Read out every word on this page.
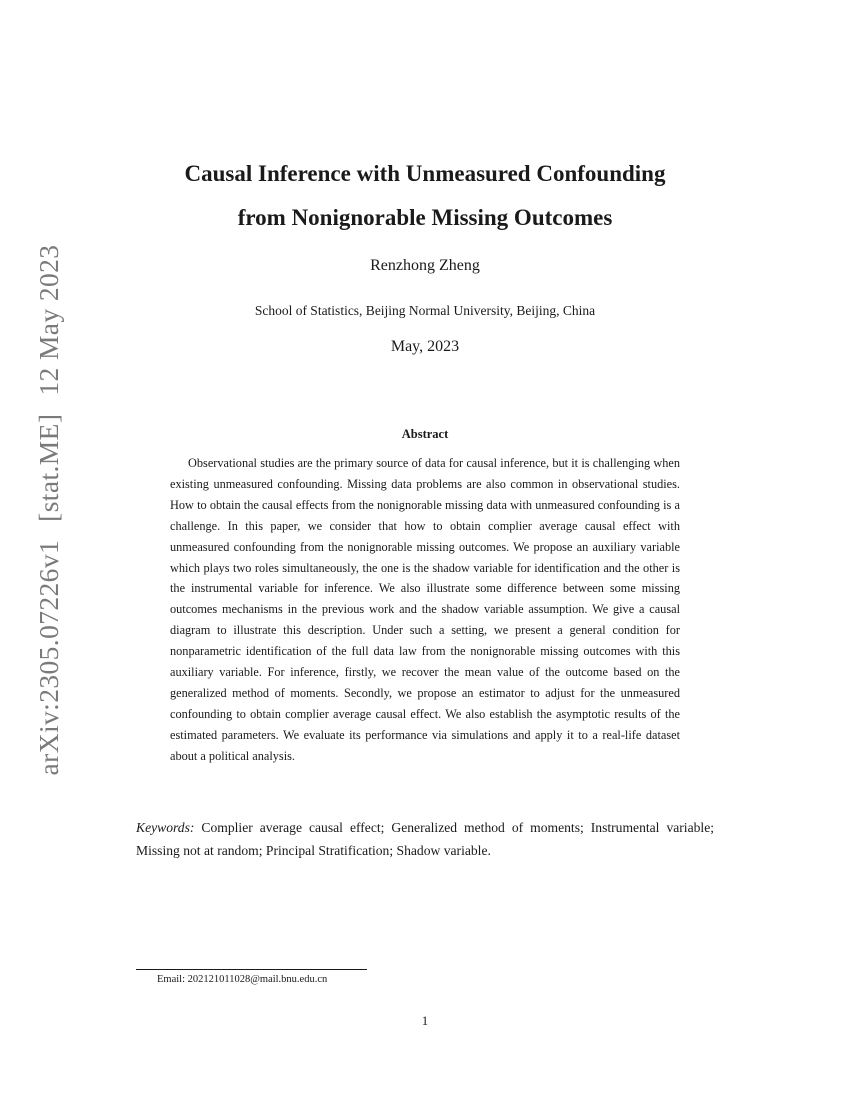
arXiv:2305.07226v1[stat.ME]12 May 2023
Causal Inference with Unmeasured Confounding
from Nonignorable Missing Outcomes
Renzhong Zheng
School of Statistics, Beijing Normal University, Beijing, China
May, 2023
Abstract

Observational studies are the primary source of data for causal inference, but it is challenging when existing unmeasured confounding. Missing data problems are also common in observational studies. How to obtain the causal effects from the nonignorable missing data with unmeasured confounding is a challenge. In this paper, we consider that how to obtain complier average causal effect with unmeasured confounding from the nonignorable missing outcomes. We propose an auxiliary variable which plays two roles simultaneously, the one is the shadow variable for identification and the other is the instrumental variable for inference. We also illustrate some difference between some missing outcomes mechanisms in the previous work and the shadow variable assumption. We give a causal diagram to illustrate this description. Under such a setting, we present a general condition for nonparametric identification of the full data law from the nonignorable missing outcomes with this auxiliary variable. For inference, firstly, we recover the mean value of the outcome based on the generalized method of moments. Secondly, we propose an estimator to adjust for the unmeasured confounding to obtain complier average causal effect. We also establish the asymptotic results of the estimated parameters. We evaluate its performance via simulations and apply it to a real-life dataset about a political analysis.

Keywords: Complier average causal effect; Generalized method of moments; Instrumental variable; Missing not at random; Principal Stratification; Shadow variable.

Email: 202121011028@mail.bnu.edu.cn
1
